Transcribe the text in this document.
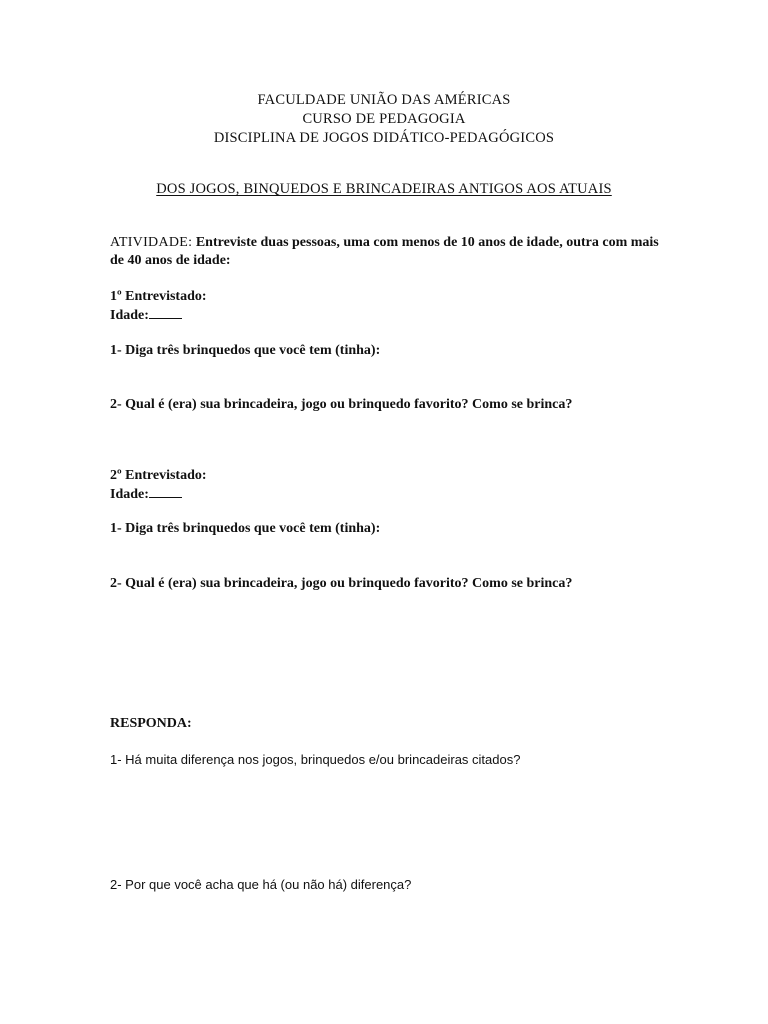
FACULDADE UNIÃO DAS AMÉRICAS
CURSO DE PEDAGOGIA
DISCIPLINA DE JOGOS DIDÁTICO-PEDAGÓGICOS
DOS JOGOS, BINQUEDOS E BRINCADEIRAS ANTIGOS AOS ATUAIS
ATIVIDADE: Entreviste duas pessoas, uma com menos de 10 anos de idade, outra com mais de 40 anos de idade:
1º Entrevistado:
Idade:
1- Diga três brinquedos que você tem (tinha):
2- Qual é (era) sua brincadeira, jogo ou brinquedo favorito? Como se brinca?
2º Entrevistado:
Idade:
1- Diga três brinquedos que você tem (tinha):
2- Qual é (era) sua brincadeira, jogo ou brinquedo favorito? Como se brinca?
RESPONDA:
1- Há muita diferença nos jogos, brinquedos e/ou brincadeiras citados?
2- Por que você acha que há (ou não há) diferença?
